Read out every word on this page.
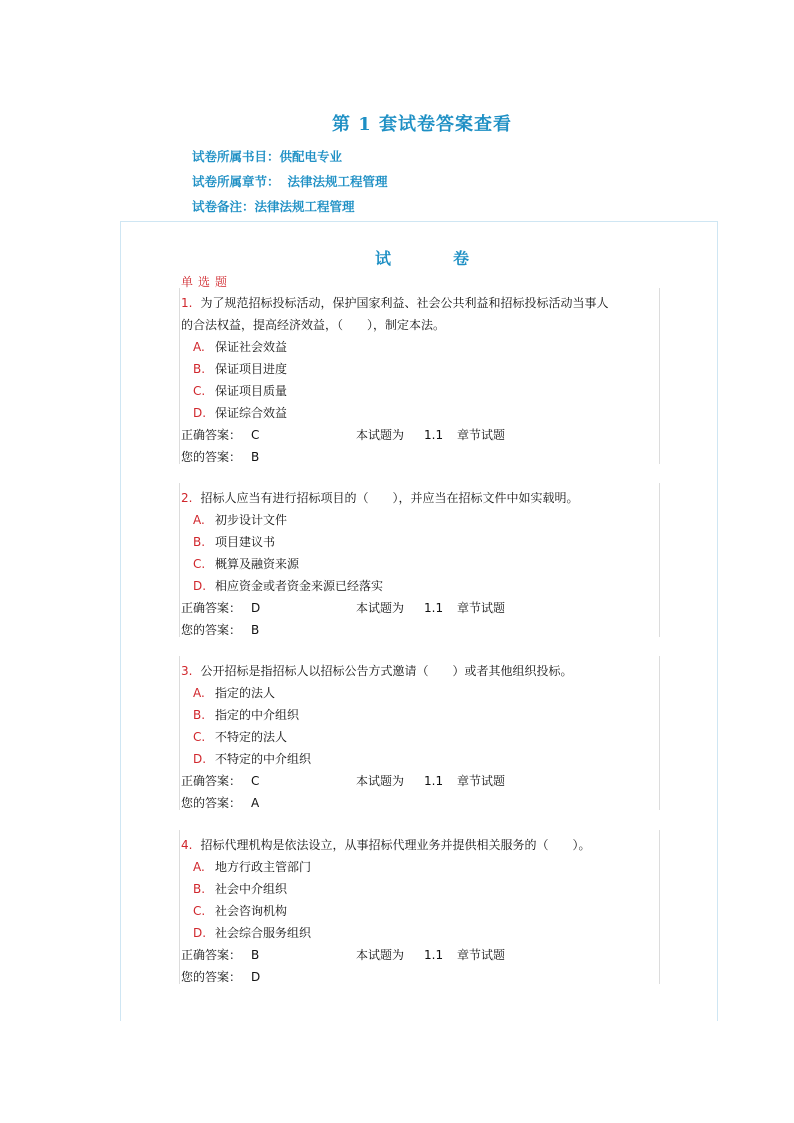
第 1 套试卷答案查看
试卷所属书目：供配电专业
试卷所属章节： 法律法规工程管理
试卷备注：法律法规工程管理
试	卷
单选题
1. 为了规范招标投标活动，保护国家利益、社会公共利益和招标投标活动当事人
的合法权益，提高经济效益，（　　），制定本法。
A. 保证社会效益
B. 保证项目进度
C. 保证项目质量
D. 保证综合效益
正确答案： C	本试题为 1.1 章节试题
您的答案： B
2. 招标人应当有进行招标项目的（　　），并应当在招标文件中如实载明。
A. 初步设计文件
B. 项目建议书
C. 概算及融资来源
D. 相应资金或者资金来源已经落实
正确答案： D	本试题为 1.1 章节试题
您的答案： B
3. 公开招标是指招标人以招标公告方式邀请（　　）或者其他组织投标。
A. 指定的法人
B. 指定的中介组织
C. 不特定的法人
D. 不特定的中介组织
正确答案： C	本试题为 1.1 章节试题
您的答案： A
4. 招标代理机构是依法设立，从事招标代理业务并提供相关服务的（　　）。
A. 地方行政主管部门
B. 社会中介组织
C. 社会咨询机构
D. 社会综合服务组织
正确答案： B	本试题为 1.1 章节试题
您的答案： D
